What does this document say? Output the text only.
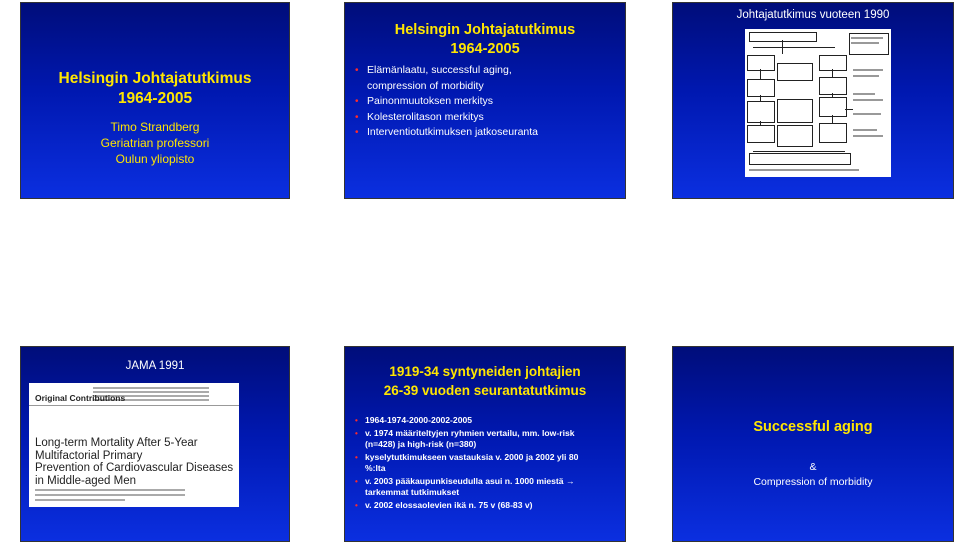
Helsingin Johtajatutkimus
1964-2005
Timo Strandberg
Geriatrian professori
Oulun yliopisto
Helsingin Johtajatutkimus
1964-2005
• Elämänlaatu, successful aging,
compression of morbidity
• Painonmuutoksen merkitys
• Kolesterolitason merkitys
• Interventiotutkimuksen jatkoseuranta
Johtajatutkimus vuoteen 1990
JAMA 1991
Original Contributions
Long-term Mortality After 5-Year
Multifactorial Primary
Prevention of Cardiovascular Diseases
in Middle-aged Men
1919-34 syntyneiden johtajien
26-39 vuoden seurantatutkimus
• 1964-1974-2000-2002-2005
• v. 1974 määriteltyjen ryhmien vertailu, mm. low-risk (n=428) ja high-risk (n=380)
• kyselytutkimukseen vastauksia v. 2000 ja 2002 yli 80 %:lta
• v. 2003 pääkaupunkiseudulla asui n. 1000 miestä → tarkemmat tutkimukset
• v. 2002 elossaolevien ikä n. 75 v (68-83 v)
Successful aging
&
Compression of morbidity
